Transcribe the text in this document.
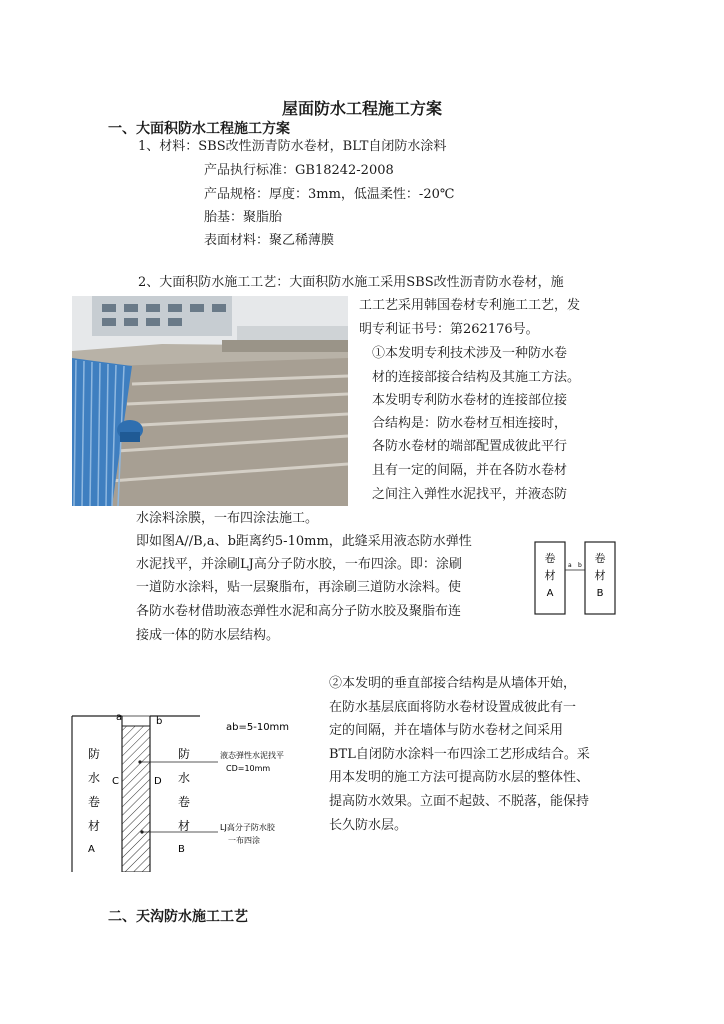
屋面防水工程施工方案
一、大面积防水工程施工方案
1、材料：SBS改性沥青防水卷材，BLT自闭防水涂料
产品执行标准：GB18242-2008
产品规格：厚度：3mm，低温柔性：-20℃
胎基：聚脂胎
表面材料：聚乙稀薄膜
2、大面积防水施工工艺：大面积防水施工采用SBS改性沥青防水卷材，施
工工艺采用韩国卷材专利施工工艺，发
明专利证书号：第262176号。
①本发明专利技术涉及一种防水卷
材的连接部接合结构及其施工方法。
本发明专利防水卷材的连接部位接
合结构是：防水卷材互相连接时，
各防水卷材的端部配置成彼此平行
且有一定的间隔，并在各防水卷材
之间注入弹性水泥找平，并液态防
水涂料涂膜，一布四涂法施工。
即如图A//B,a、b距离约5-10mm，此缝采用液态防水弹性
水泥找平，并涂刷LJ高分子防水胶，一布四涂。即：涂刷
一道防水涂料，贴一层聚脂布，再涂刷三道防水涂料。使
各防水卷材借助液态弹性水泥和高分子防水胶及聚脂布连
接成一体的防水层结构。
卷
材
A
卷
材
B
a b
②本发明的垂直部接合结构是从墙体开始，
在防水基层底面将防水卷材设置成彼此有一
定的间隔，并在墙体与防水卷材之间采用
BTL自闭防水涂料一布四涂工艺形成结合。采
用本发明的施工方法可提高防水层的整体性、
提高防水效果。立面不起鼓、不脱落，能保持
长久防水层。
a	b
ab=5-10mm
防
水
卷
材
A
防
水
卷
材
B
C	D
液态弹性水泥找平
CD=10mm
LJ高分子防水胶
一布四涂
二、天沟防水施工工艺
